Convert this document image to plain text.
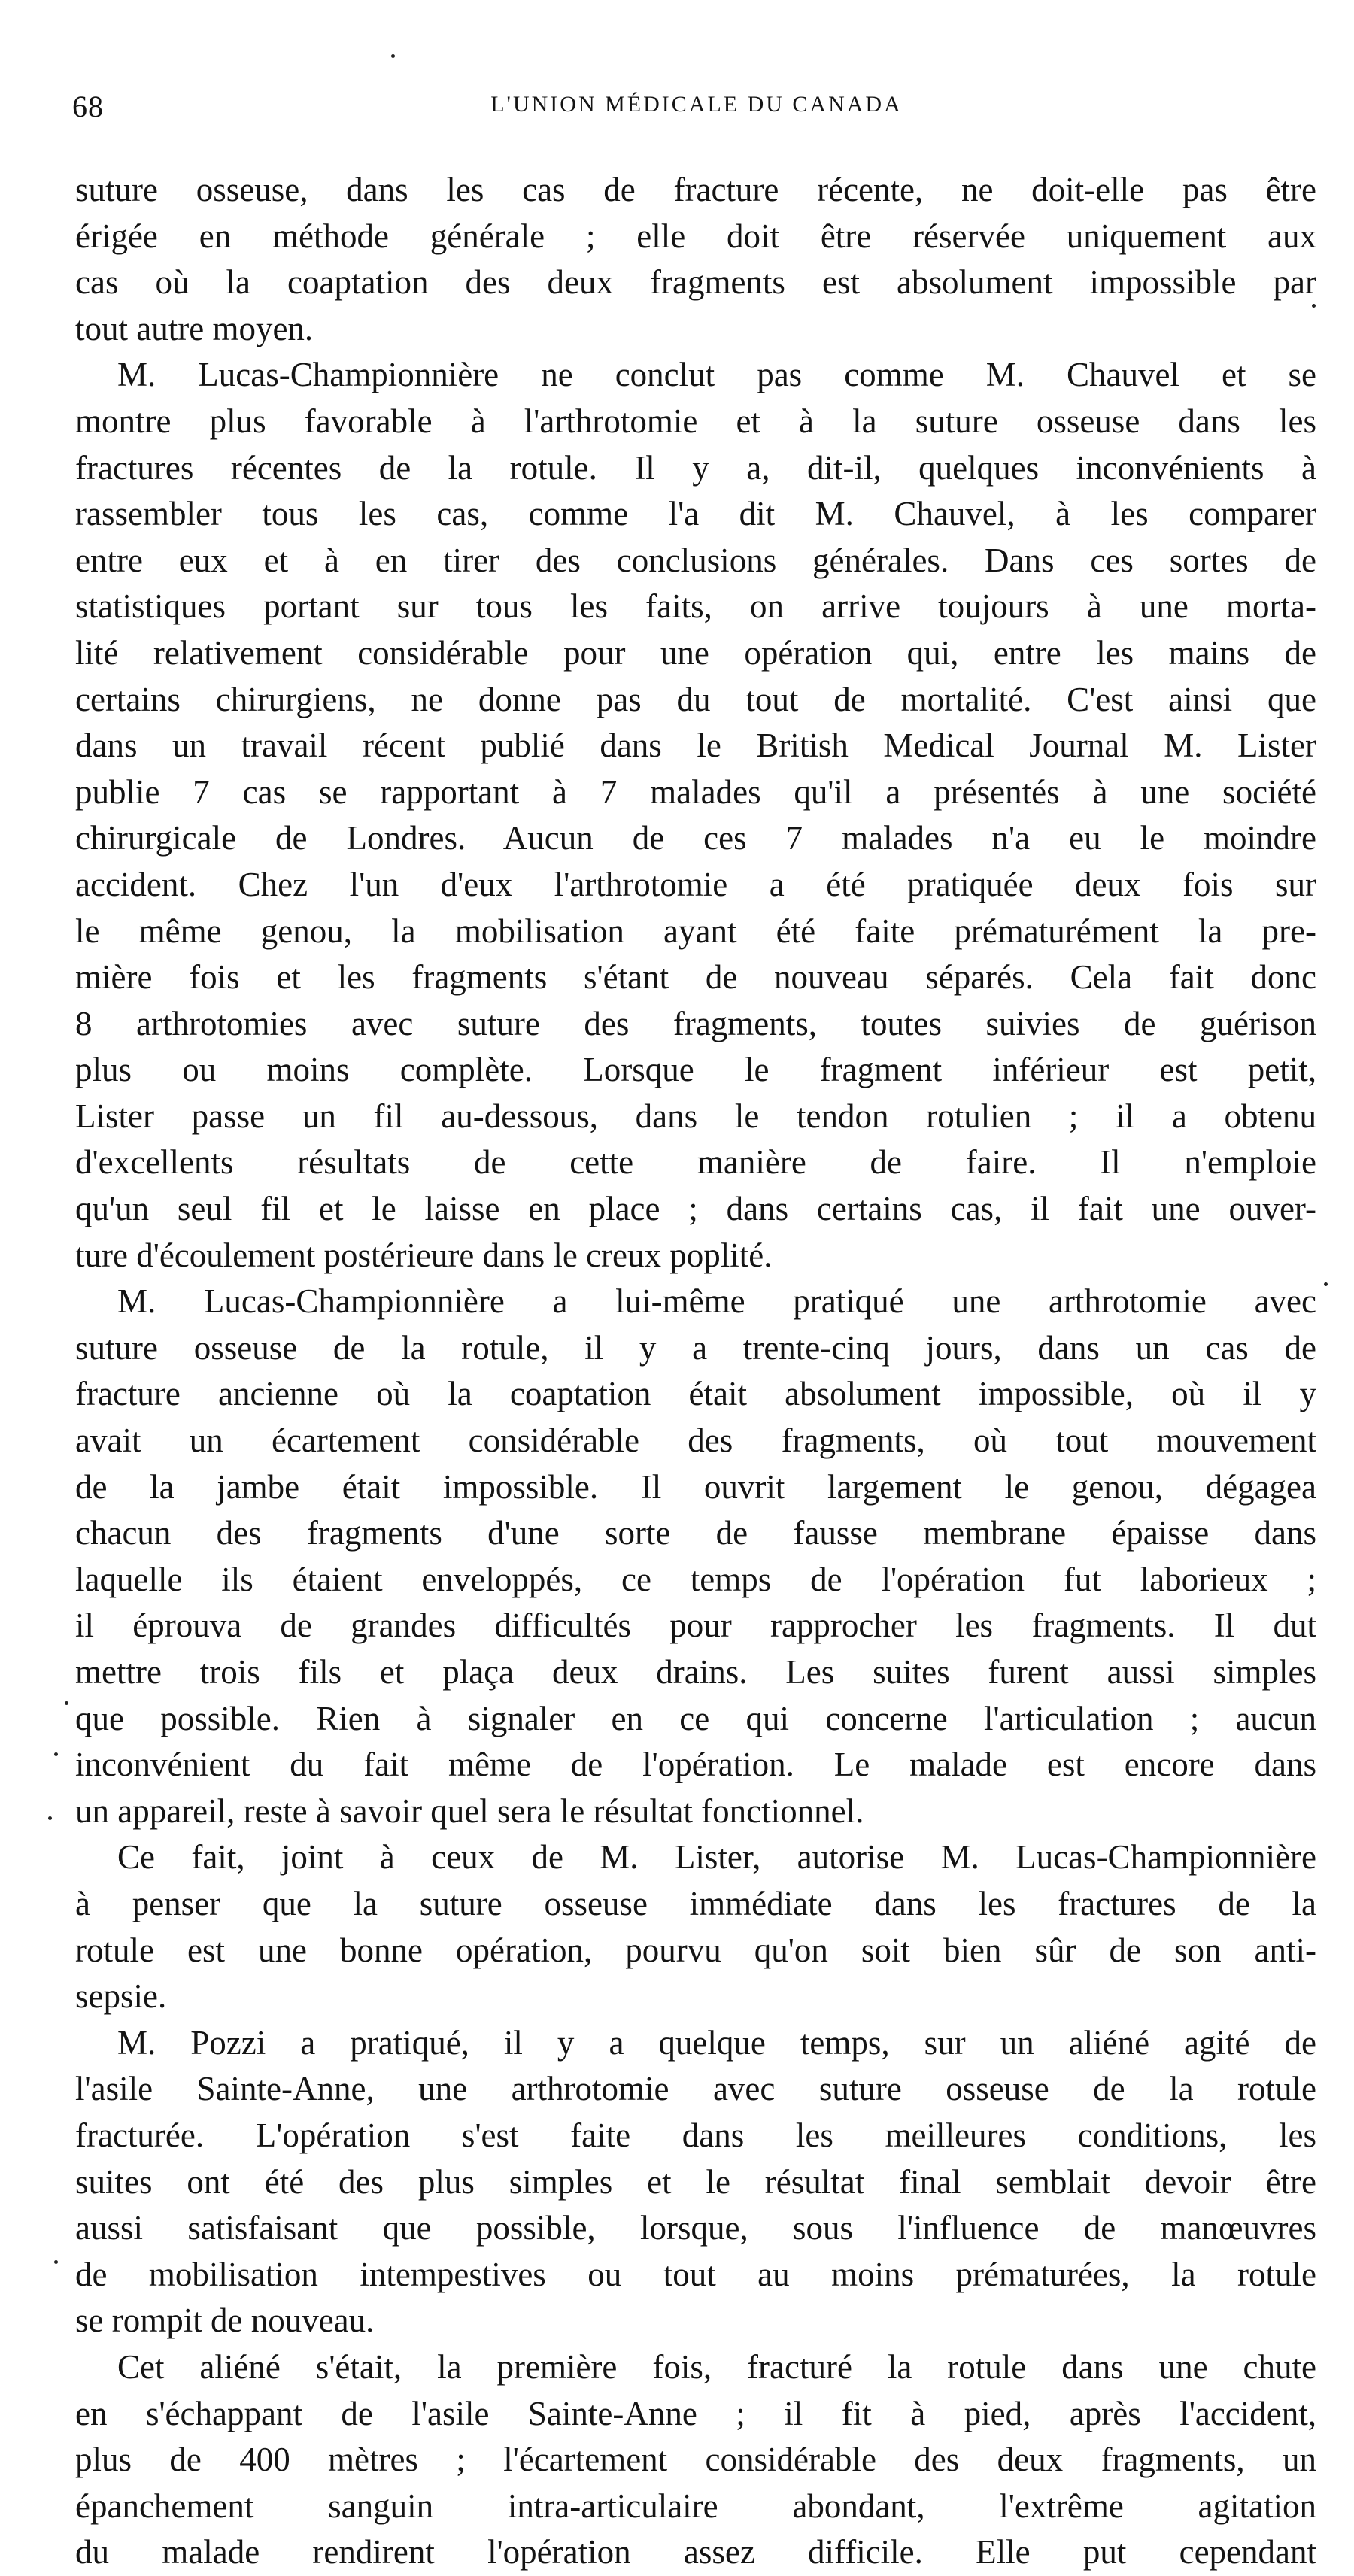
68	L'UNION MÉDICALE DU CANADA
suture osseuse, dans les cas de fracture récente, ne doit-elle pas être
érigée en méthode générale ; elle doit être réservée uniquement aux
cas où la coaptation des deux fragments est absolument impossible par
tout autre moyen.
M. Lucas-Championnière ne conclut pas comme M. Chauvel et se
montre plus favorable à l'arthrotomie et à la suture osseuse dans les
fractures récentes de la rotule. Il y a, dit-il, quelques inconvénients à
rassembler tous les cas, comme l'a dit M. Chauvel, à les comparer
entre eux et à en tirer des conclusions générales. Dans ces sortes de
statistiques portant sur tous les faits, on arrive toujours à une morta-
lité relativement considérable pour une opération qui, entre les mains de
certains chirurgiens, ne donne pas du tout de mortalité. C'est ainsi que
dans un travail récent publié dans le British Medical Journal M. Lister
publie 7 cas se rapportant à 7 malades qu'il a présentés à une société
chirurgicale de Londres. Aucun de ces 7 malades n'a eu le moindre
accident. Chez l'un d'eux l'arthrotomie a été pratiquée deux fois sur
le même genou, la mobilisation ayant été faite prématurément la pre-
mière fois et les fragments s'étant de nouveau séparés. Cela fait donc
8 arthrotomies avec suture des fragments, toutes suivies de guérison
plus ou moins complète. Lorsque le fragment inférieur est petit,
Lister passe un fil au-dessous, dans le tendon rotulien ; il a obtenu
d'excellents résultats de cette manière de faire. Il n'emploie
qu'un seul fil et le laisse en place ; dans certains cas, il fait une ouver-
ture d'écoulement postérieure dans le creux poplité.
M. Lucas-Championnière a lui-même pratiqué une arthrotomie avec
suture osseuse de la rotule, il y a trente-cinq jours, dans un cas de
fracture ancienne où la coaptation était absolument impossible, où il y
avait un écartement considérable des fragments, où tout mouvement
de la jambe était impossible. Il ouvrit largement le genou, dégagea
chacun des fragments d'une sorte de fausse membrane épaisse dans
laquelle ils étaient enveloppés, ce temps de l'opération fut laborieux ;
il éprouva de grandes difficultés pour rapprocher les fragments. Il dut
mettre trois fils et plaça deux drains. Les suites furent aussi simples
que possible. Rien à signaler en ce qui concerne l'articulation ; aucun
inconvénient du fait même de l'opération. Le malade est encore dans
un appareil, reste à savoir quel sera le résultat fonctionnel.
Ce fait, joint à ceux de M. Lister, autorise M. Lucas-Championnière
à penser que la suture osseuse immédiate dans les fractures de la
rotule est une bonne opération, pourvu qu'on soit bien sûr de son anti-
sepsie.
M. Pozzi a pratiqué, il y a quelque temps, sur un aliéné agité de
l'asile Sainte-Anne, une arthrotomie avec suture osseuse de la rotule
fracturée. L'opération s'est faite dans les meilleures conditions, les
suites ont été des plus simples et le résultat final semblait devoir être
aussi satisfaisant que possible, lorsque, sous l'influence de manœuvres
de mobilisation intempestives ou tout au moins prématurées, la rotule
se rompit de nouveau.
Cet aliéné s'était, la première fois, fracturé la rotule dans une chute
en s'échappant de l'asile Sainte-Anne ; il fit à pied, après l'accident,
plus de 400 mètres ; l'écartement considérable des deux fragments, un
épanchement sanguin intra-articulaire abondant, l'extrême agitation
du malade rendirent l'opération assez difficile. Elle put cependant
